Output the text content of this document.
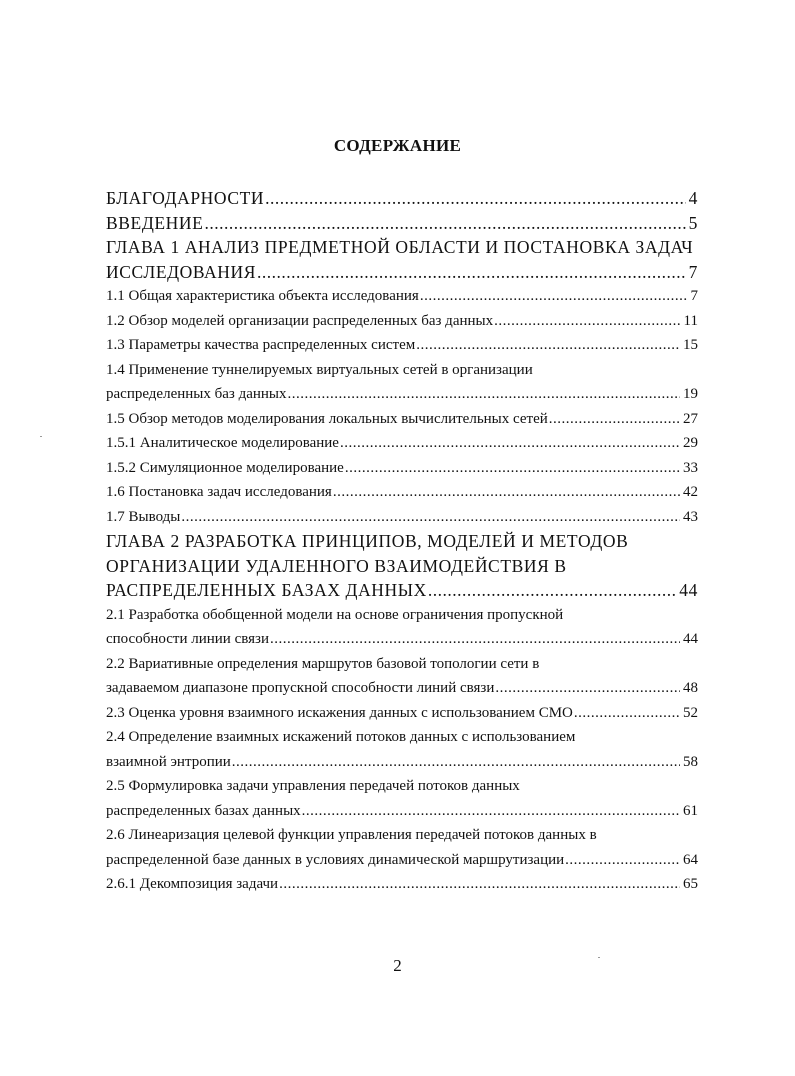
СОДЕРЖАНИЕ
БЛАГОДАРНОСТИ .....	4
ВВЕДЕНИЕ .....	5
ГЛАВА 1 АНАЛИЗ ПРЕДМЕТНОЙ ОБЛАСТИ И ПОСТАНОВКА ЗАДАЧ
ИССЛЕДОВАНИЯ .....	7
1.1 Общая характеристика объекта исследования .....	7
1.2 Обзор моделей организации распределенных баз данных .....	11
1.3 Параметры качества распределенных систем .....	15
1.4 Применение туннелируемых виртуальных сетей в организации
распределенных баз данных .....	19
1.5 Обзор методов моделирования локальных вычислительных сетей .....	27
1.5.1 Аналитическое моделирование .....	29
1.5.2 Симуляционное моделирование .....	33
1.6 Постановка задач исследования .....	42
1.7 Выводы .....	43
ГЛАВА 2 РАЗРАБОТКА ПРИНЦИПОВ, МОДЕЛЕЙ И МЕТОДОВ
ОРГАНИЗАЦИИ УДАЛЕННОГО ВЗАИМОДЕЙСТВИЯ В
РАСПРЕДЕЛЕННЫХ БАЗАХ ДАННЫХ .....	44
2.1 Разработка обобщенной модели на основе ограничения пропускной
способности линии связи .....	44
2.2 Вариативные определения маршрутов базовой топологии сети в
задаваемом диапазоне пропускной способности линий связи .....	48
2.3 Оценка уровня взаимного искажения данных с использованием СМО .....	52
2.4 Определение взаимных искажений потоков данных с использованием
взаимной энтропии .....	58
2.5 Формулировка задачи управления передачей потоков данных
распределенных базах данных .....	61
2.6 Линеаризация целевой функции управления передачей потоков данных в
распределенной базе данных в условиях динамической маршрутизации .....	64
2.6.1 Декомпозиция задачи .....	65
2
